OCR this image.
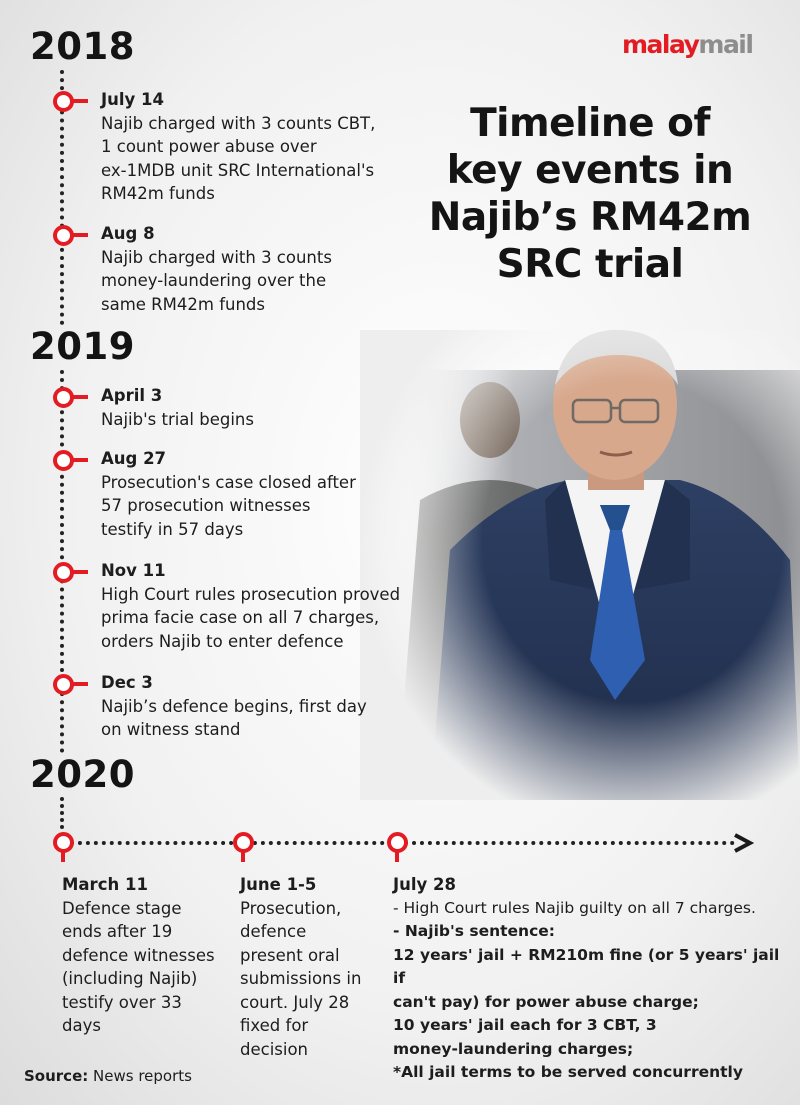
malaymail
Timeline of
key events in
Najib’s RM42m
SRC trial
2018
2019
2020
July 14
Najib charged with 3 counts CBT,
1 count power abuse over
ex-1MDB unit SRC International's
RM42m funds
Aug 8
Najib charged with 3 counts
money-laundering over the
same RM42m funds
April 3
Najib's trial begins
Aug 27
Prosecution's case closed after
57 prosecution witnesses
testify in 57 days
Nov 11
High Court rules prosecution proved
prima facie case on all 7 charges,
orders Najib to enter defence
Dec 3
Najib’s defence begins, first day
on witness stand
March 11
Defence stage
ends after 19
defence witnesses
(including Najib)
testify over 33
days
June 1-5
Prosecution,
defence
present oral
submissions in
court. July 28
fixed for
decision
July 28
- High Court rules Najib guilty on all 7 charges.
- Najib's sentence:
12 years' jail + RM210m fine (or 5 years' jail if
can't pay) for power abuse charge;
10 years' jail each for 3 CBT, 3
money-laundering charges;
*All jail terms to be served concurrently
Source: News reports
